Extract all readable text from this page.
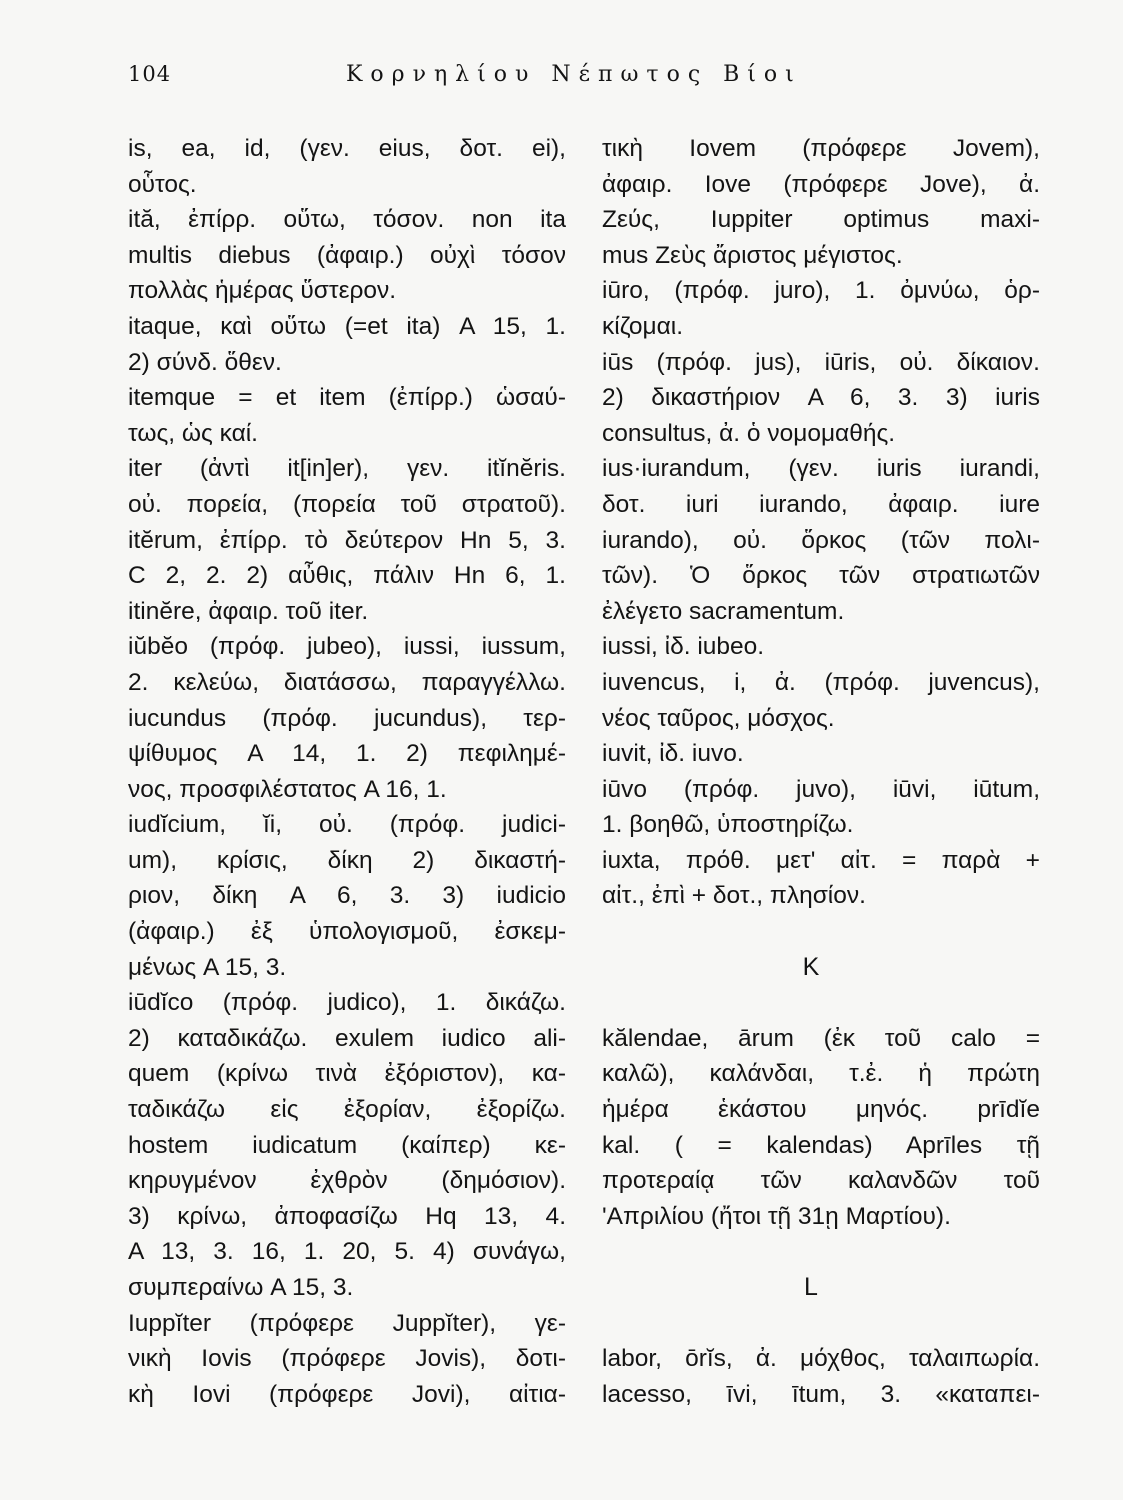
104	Κορνηλίου Νέπωτος Βίοι
is, ea, id, (γεν. eius, δοτ. ei),
οὗτος.
ită, ἐπίρρ. οὕτω, τόσον. non ita
multis diebus (ἀφαιρ.) οὐχὶ τόσον
πολλὰς ἡμέρας ὕστερον.
itaque, καὶ οὕτω (=et ita) A 15, 1.
2) σύνδ. ὅθεν.
itemque = et item (ἐπίρρ.) ὡσαύ-
τως, ὡς καί.
iter (ἀντὶ it[in]er), γεν. itĭnĕris.
οὐ. πορεία, (πορεία τοῦ στρατοῦ).
itĕrum, ἐπίρρ. τὸ δεύτερον Hn 5, 3.
C 2, 2. 2) αὖθις, πάλιν Hn 6, 1.
itinĕre, ἀφαιρ. τοῦ iter.
iŭbĕo (πρόφ. jubeo), iussi, iussum,
2. κελεύω, διατάσσω, παραγγέλλω.
iucundus (πρόφ. jucundus), τερ-
ψίθυμος A 14, 1. 2) πεφιλημέ-
νος, προσφιλέστατος A 16, 1.
iudĭcium, ĭi, οὐ. (πρόφ. judici-
um), κρίσις, δίκη 2) δικαστή-
ριον, δίκη A 6, 3. 3) iudicio
(ἀφαιρ.) ἐξ ὑπολογισμοῦ, ἐσκεμ-
μένως A 15, 3.
iūdĭco (πρόφ. judico), 1. δικάζω.
2) καταδικάζω. exulem iudico ali-
quem (κρίνω τινὰ ἐξόριστον), κα-
ταδικάζω εἰς ἐξορίαν, ἐξορίζω.
hostem iudicatum (καίπερ) κε-
κηρυγμένον ἐχθρὸν (δημόσιον).
3) κρίνω, ἀποφασίζω Hq 13, 4.
A 13, 3. 16, 1. 20, 5. 4) συνάγω,
συμπεραίνω A 15, 3.
Iuppĭter (πρόφερε Juppĭter), γε-
νικὴ Iovis (πρόφερε Jovis), δοτι-
κὴ Iovi (πρόφερε Jovi), αἰτια-
τικὴ Iovem (πρόφερε Jovem),
ἀφαιρ. Iove (πρόφερε Jove), ἀ.
Ζεύς, Iuppiter optimus maxi-
mus Ζεὺς ἄριστος μέγιστος.
iūro, (πρόφ. juro), 1. ὀμνύω, ὁρ-
κίζομαι.
iūs (πρόφ. jus), iūris, οὐ. δίκαιον.
2) δικαστήριον A 6, 3. 3) iuris
consultus, ἀ. ὁ νομομαθής.
ius·iurandum, (γεν. iuris iurandi,
δοτ. iuri iurando, ἀφαιρ. iure
iurando), οὐ. ὅρκος (τῶν πολι-
τῶν). Ὁ ὅρκος τῶν στρατιωτῶν
ἐλέγετο sacramentum.
iussi, ἰδ. iubeo.
iuvencus, i, ἀ. (πρόφ. juvencus),
νέος ταῦρος, μόσχος.
iuvit, ἰδ. iuvo.
iūvo (πρόφ. juvo), iūvi, iūtum,
1. βοηθῶ, ὑποστηρίζω.
iuxta, πρόθ. μετ' αἰτ. = παρὰ +
αἰτ., ἐπὶ + δοτ., πλησίον.
K
kălendae, ārum (ἐκ τοῦ calo =
καλῶ), καλάνδαι, τ.ἐ. ἡ πρώτη
ἡμέρα ἑκάστου μηνός. prīdĭe
kal. ( = kalendas) Aprīles τῇ
προτεραίᾳ τῶν καλανδῶν τοῦ
'Απριλίου (ἤτοι τῇ 31ῃ Μαρτίου).
L
labor, ōrĭs, ἀ. μόχθος, ταλαιπωρία.
lacesso, īvi, ītum, 3. «καταπει-
